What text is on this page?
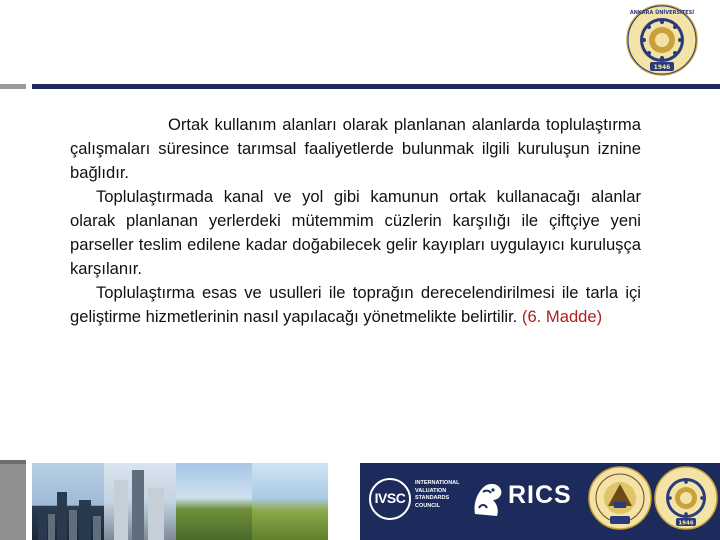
ANKARA ÜNİVERSİTESİ
1946

Ortak kullanım alanları olarak planlanan alanlarda toplulaştırma çalışmaları süresince tarımsal faaliyetlerde bulunmak ilgili kuruluşun iznine bağlıdır.

Toplulaştırmada kanal ve yol gibi kamunun ortak kullanacağı alanlar olarak planlanan yerlerdeki mütemmim cüzlerin karşılığı ile çiftçiye yeni parseller teslim edilene kadar doğabilecek gelir kayıpları uygulayıcı kuruluşça karşılanır.

Toplulaştırma esas ve usulleri ile toprağın derecelendirilmesi ile tarla içi geliştirme hizmetlerinin nasıl yapılacağı yönetmelikte belirtilir. (6. Madde)

IVSC
INTERNATIONAL
VALUATION
STANDARDS
COUNCIL	RICS
1946
